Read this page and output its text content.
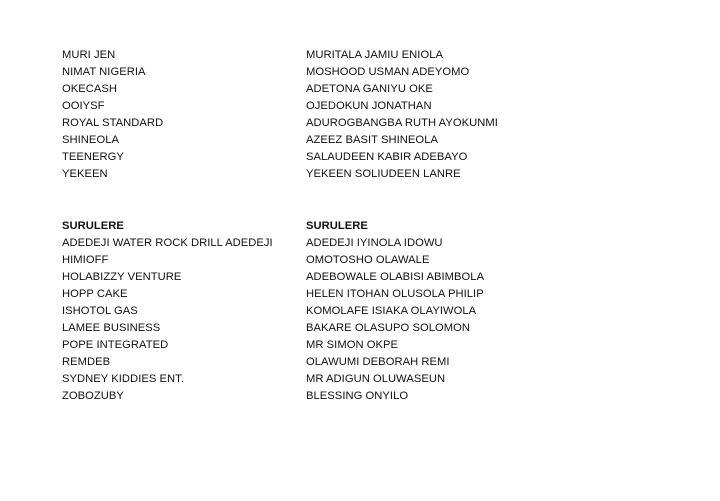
MURI JEN
NIMAT NIGERIA
OKECASH
OOIYSF
ROYAL STANDARD
SHINEOLA
TEENERGY
YEKEEN
MURITALA JAMIU ENIOLA
MOSHOOD USMAN ADEYOMO
ADETONA GANIYU OKE
OJEDOKUN JONATHAN
ADUROGBANGBA RUTH AYOKUNMI
AZEEZ BASIT SHINEOLA
SALAUDEEN KABIR ADEBAYO
YEKEEN SOLIUDEEN LANRE
SURULERE
ADEDEJI WATER ROCK DRILL ADEDEJI
HIMIOFF
HOLABIZZY VENTURE
HOPP CAKE
ISHOTOL GAS
LAMEE BUSINESS
POPE INTEGRATED
REMDEB
SYDNEY KIDDIES ENT.
ZOBOZUBY
SURULERE
ADEDEJI IYINOLA IDOWU
OMOTOSHO OLAWALE
ADEBOWALE OLABISI ABIMBOLA
HELEN ITOHAN OLUSOLA PHILIP
KOMOLAFE ISIAKA OLAYIWOLA
BAKARE OLASUPO SOLOMON
MR SIMON OKPE
OLAWUMI DEBORAH REMI
MR ADIGUN OLUWASEUN
BLESSING ONYILO
